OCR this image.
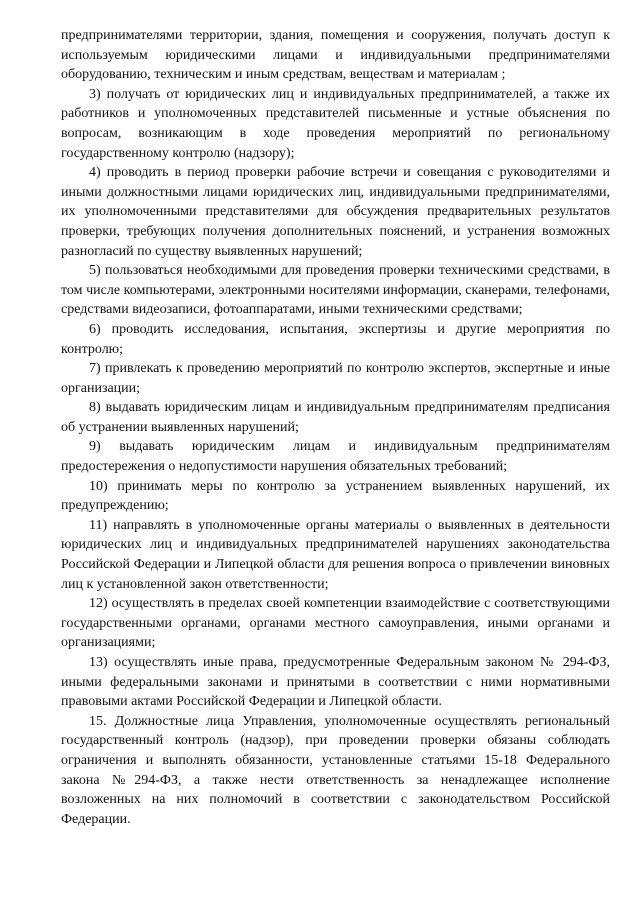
предпринимателями территории, здания, помещения и сооружения, получать доступ к используемым юридическими лицами и индивидуальными предпринимателями оборудованию, техническим и иным средствам, веществам и материалам ;

3) получать от юридических лиц и индивидуальных предпринимателей, а также их работников и уполномоченных представителей письменные и устные объяснения по вопросам, возникающим в ходе проведения мероприятий по региональному государственному контролю (надзору);

4) проводить в период проверки рабочие встречи и совещания с руководителями и иными должностными лицами юридических лиц, индивидуальными предпринимателями, их уполномоченными представителями для обсуждения предварительных результатов проверки, требующих получения дополнительных пояснений, и устранения возможных разногласий по существу выявленных нарушений;

5) пользоваться необходимыми для проведения проверки техническими средствами, в том числе компьютерами, электронными носителями информации, сканерами, телефонами, средствами видеозаписи, фотоаппаратами, иными техническими средствами;

6) проводить исследования, испытания, экспертизы и другие мероприятия по контролю;

7) привлекать к проведению мероприятий по контролю экспертов, экспертные и иные организации;

8) выдавать юридическим лицам и индивидуальным предпринимателям предписания об устранении выявленных нарушений;

9) выдавать юридическим лицам и индивидуальным предпринимателям предостережения о недопустимости нарушения обязательных требований;

10) принимать меры по контролю за устранением выявленных нарушений, их предупреждению;

11) направлять в уполномоченные органы материалы о выявленных в деятельности юридических лиц и индивидуальных предпринимателей нарушениях законодательства Российской Федерации и Липецкой области для решения вопроса о привлечении виновных лиц к установленной закон ответственности;

12) осуществлять в пределах своей компетенции взаимодействие с соответствующими государственными органами, органами местного самоуправления, иными органами и организациями;

13) осуществлять иные права, предусмотренные Федеральным законом № 294-ФЗ, иными федеральными законами и принятыми в соответствии с ними нормативными правовыми актами Российской Федерации и Липецкой области.

15. Должностные лица Управления, уполномоченные осуществлять региональный государственный контроль (надзор), при проведении проверки обязаны соблюдать ограничения и выполнять обязанности, установленные статьями 15-18 Федерального закона №294-ФЗ, а также нести ответственность за ненадлежащее исполнение возложенных на них полномочий в соответствии с законодательством Российской Федерации.
